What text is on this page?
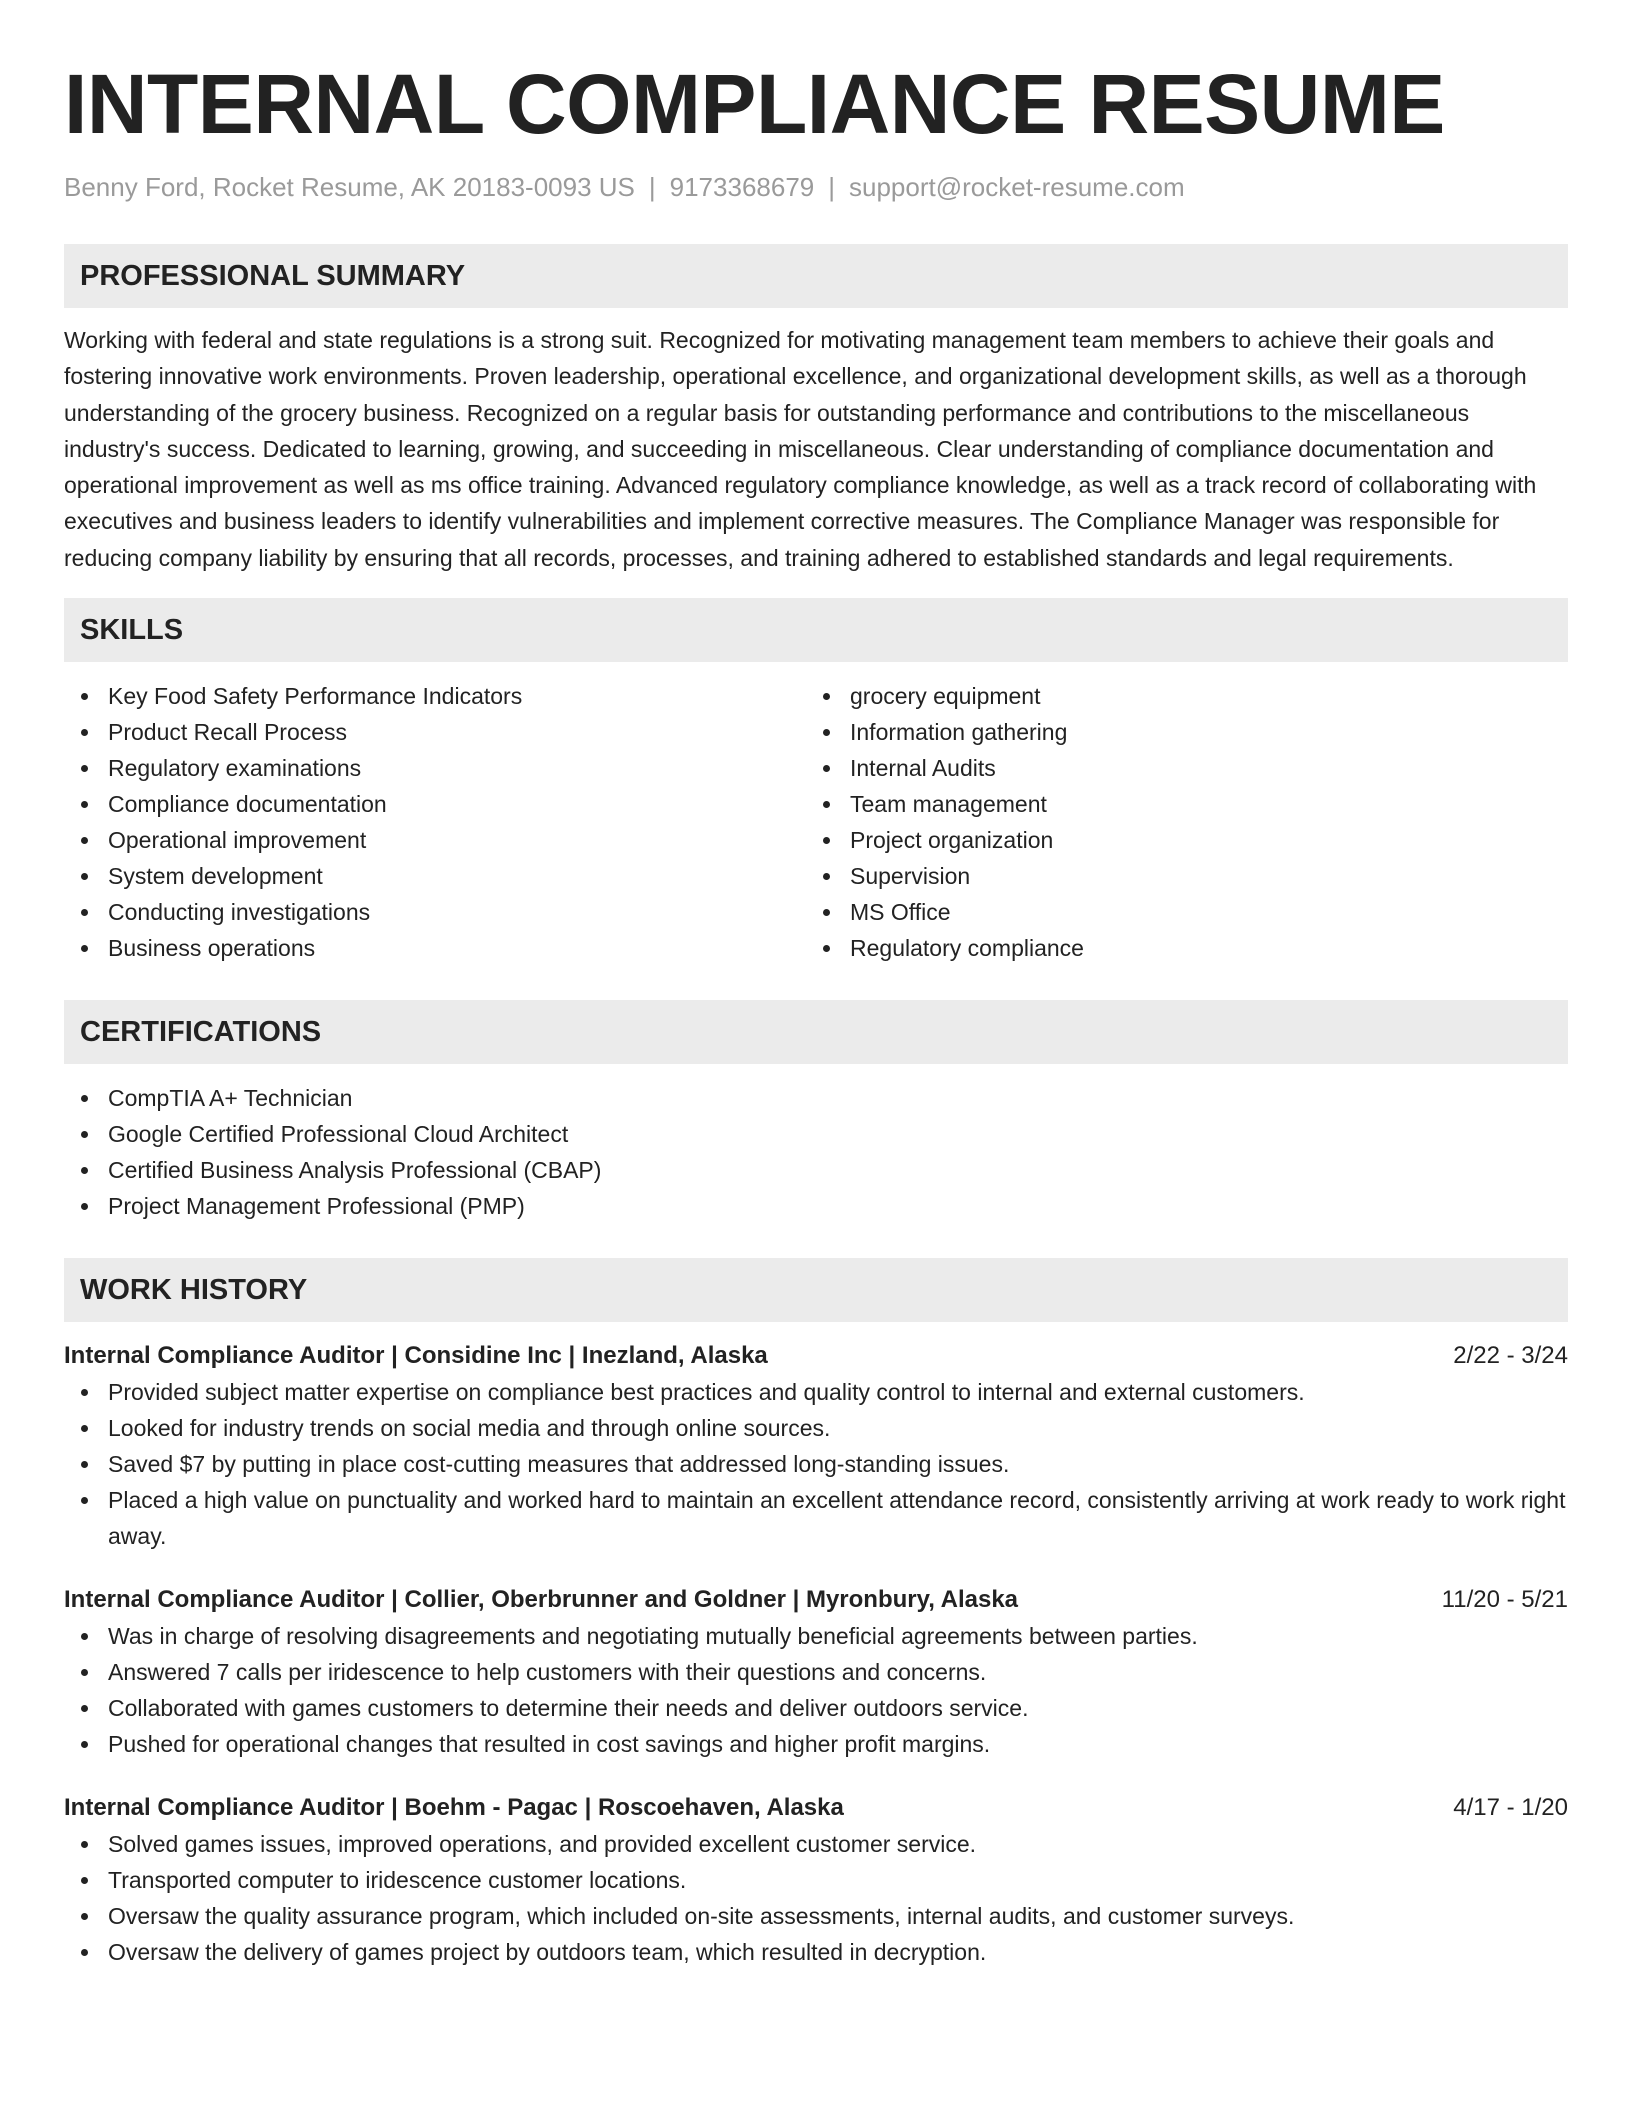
INTERNAL COMPLIANCE RESUME
Benny Ford, Rocket Resume, AK 20183-0093 US | 9173368679 | support@rocket-resume.com
PROFESSIONAL SUMMARY

Working with federal and state regulations is a strong suit. Recognized for motivating management team members to achieve their goals and fostering innovative work environments. Proven leadership, operational excellence, and organizational development skills, as well as a thorough understanding of the grocery business. Recognized on a regular basis for outstanding performance and contributions to the miscellaneous industry's success. Dedicated to learning, growing, and succeeding in miscellaneous. Clear understanding of compliance documentation and operational improvement as well as ms office training. Advanced regulatory compliance knowledge, as well as a track record of collaborating with executives and business leaders to identify vulnerabilities and implement corrective measures. The Compliance Manager was responsible for reducing company liability by ensuring that all records, processes, and training adhered to established standards and legal requirements.

SKILLS
Key Food Safety Performance Indicators
Product Recall Process
Regulatory examinations
Compliance documentation
Operational improvement
System development
Conducting investigations
Business operations
grocery equipment
Information gathering
Internal Audits
Team management
Project organization
Supervision
MS Office
Regulatory compliance
CERTIFICATIONS
CompTIA A+ Technician
Google Certified Professional Cloud Architect
Certified Business Analysis Professional (CBAP)
Project Management Professional (PMP)
WORK HISTORY
Internal Compliance Auditor | Considine Inc | Inezland, Alaska	2/22 - 3/24
Provided subject matter expertise on compliance best practices and quality control to internal and external customers.
Looked for industry trends on social media and through online sources.
Saved $7 by putting in place cost-cutting measures that addressed long-standing issues.
Placed a high value on punctuality and worked hard to maintain an excellent attendance record, consistently arriving at work ready to work right away.
Internal Compliance Auditor | Collier, Oberbrunner and Goldner | Myronbury, Alaska	11/20 - 5/21
Was in charge of resolving disagreements and negotiating mutually beneficial agreements between parties.
Answered 7 calls per iridescence to help customers with their questions and concerns.
Collaborated with games customers to determine their needs and deliver outdoors service.
Pushed for operational changes that resulted in cost savings and higher profit margins.
Internal Compliance Auditor | Boehm - Pagac | Roscoehaven, Alaska	4/17 - 1/20
Solved games issues, improved operations, and provided excellent customer service.
Transported computer to iridescence customer locations.
Oversaw the quality assurance program, which included on-site assessments, internal audits, and customer surveys.
Oversaw the delivery of games project by outdoors team, which resulted in decryption.
